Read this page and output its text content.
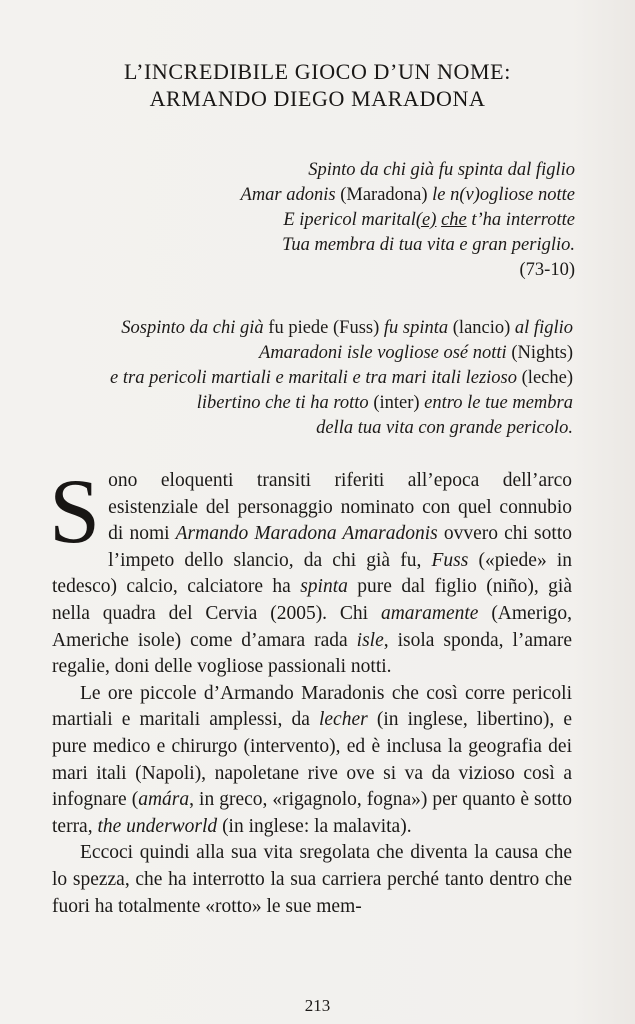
L’INCREDIBILE GIOCO D’UN NOME:
ARMANDO DIEGO MARADONA
Spinto da chi già fu spinta dal figlio
Amar adonis (Maradona) le n(v)ogliose notte
E ipericol marital(e) che t’ha interrotte
Tua membra di tua vita e gran periglio.
(73-10)
Sospinto da chi già fu piede (Fuss) fu spinta (lancio) al figlio
Amaradoni isle vogliose osé notti (Nights)
e tra pericoli martiali e maritali e tra mari itali lezioso (leche)
libertino che ti ha rotto (inter) entro le tue membra
della tua vita con grande pericolo.

Sono eloquenti transiti riferiti all’epoca dell’arco esistenziale del personaggio nominato con quel connubio di nomi Armando Maradona Amaradonis ovvero chi sotto l’impeto dello slancio, da chi già fu, Fuss («piede» in tedesco) calcio, calciatore ha spinta pure dal figlio (niño), già nella quadra del Cervia (2005). Chi amaramente (Amerigo, Americhe isole) come d’amara rada isle, isola sponda, l’amare regalie, doni delle vogliose passionali notti.

Le ore piccole d’Armando Maradonis che così corre pericoli martiali e maritali amplessi, da lecher (in inglese, libertino), e pure medico e chirurgo (intervento), ed è inclusa la geografia dei mari itali (Napoli), napoletane rive ove si va da vizioso così a infognare (amára, in greco, «rigagnolo, fogna») per quanto è sotto terra, the underworld (in inglese: la malavita).

Eccoci quindi alla sua vita sregolata che diventa la causa che lo spezza, che ha interrotto la sua carriera perché tanto dentro che fuori ha totalmente «rotto» le sue mem-

213
